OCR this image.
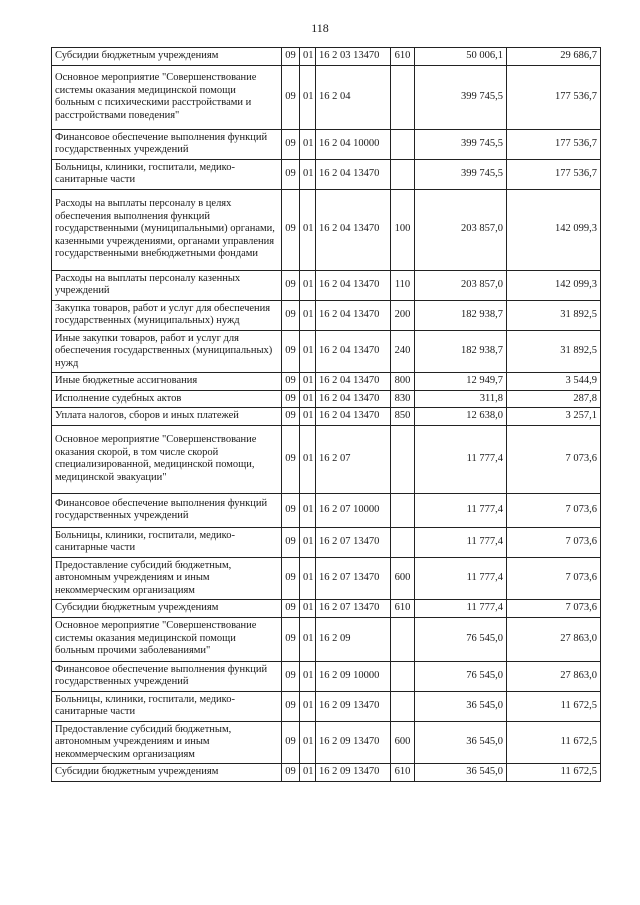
118
Субсидии бюджетным учреждениям	09	01	16 2 03 13470	610	50 006,1	29 686,7
Основное мероприятие "Совершенствование системы оказания медицинской помощи больным с психическими расстройствами и расстройствами поведения"	09	01	16 2 04		399 745,5	177 536,7
Финансовое обеспечение выполнения функций государственных учреждений	09	01	16 2 04 10000		399 745,5	177 536,7
Больницы, клиники, госпитали, медико-санитарные части	09	01	16 2 04 13470		399 745,5	177 536,7
Расходы на выплаты персоналу в целях обеспечения выполнения функций государственными (муниципальными) органами, казенными учреждениями, органами управления государственными внебюджетными фондами	09	01	16 2 04 13470	100	203 857,0	142 099,3
Расходы на выплаты персоналу казенных учреждений	09	01	16 2 04 13470	110	203 857,0	142 099,3
Закупка товаров, работ и услуг для обеспечения государственных (муниципальных) нужд	09	01	16 2 04 13470	200	182 938,7	31 892,5
Иные закупки товаров, работ и услуг для обеспечения государственных (муниципальных) нужд	09	01	16 2 04 13470	240	182 938,7	31 892,5
Иные бюджетные ассигнования	09	01	16 2 04 13470	800	12 949,7	3 544,9
Исполнение судебных актов	09	01	16 2 04 13470	830	311,8	287,8
Уплата налогов, сборов и иных платежей	09	01	16 2 04 13470	850	12 638,0	3 257,1
Основное мероприятие "Совершенствование оказания скорой, в том числе скорой специализированной, медицинской помощи, медицинской эвакуации"	09	01	16 2 07		11 777,4	7 073,6
Финансовое обеспечение выполнения функций государственных учреждений	09	01	16 2 07 10000		11 777,4	7 073,6
Больницы, клиники, госпитали, медико-санитарные части	09	01	16 2 07 13470		11 777,4	7 073,6
Предоставление субсидий бюджетным, автономным учреждениям и иным некоммерческим организациям	09	01	16 2 07 13470	600	11 777,4	7 073,6
Субсидии бюджетным учреждениям	09	01	16 2 07 13470	610	11 777,4	7 073,6
Основное мероприятие "Совершенствование системы оказания медицинской помощи больным прочими заболеваниями"	09	01	16 2 09		76 545,0	27 863,0
Финансовое обеспечение выполнения функций государственных учреждений	09	01	16 2 09 10000		76 545,0	27 863,0
Больницы, клиники, госпитали, медико-санитарные части	09	01	16 2 09 13470		36 545,0	11 672,5
Предоставление субсидий бюджетным, автономным учреждениям и иным некоммерческим организациям	09	01	16 2 09 13470	600	36 545,0	11 672,5
Субсидии бюджетным учреждениям	09	01	16 2 09 13470	610	36 545,0	11 672,5
